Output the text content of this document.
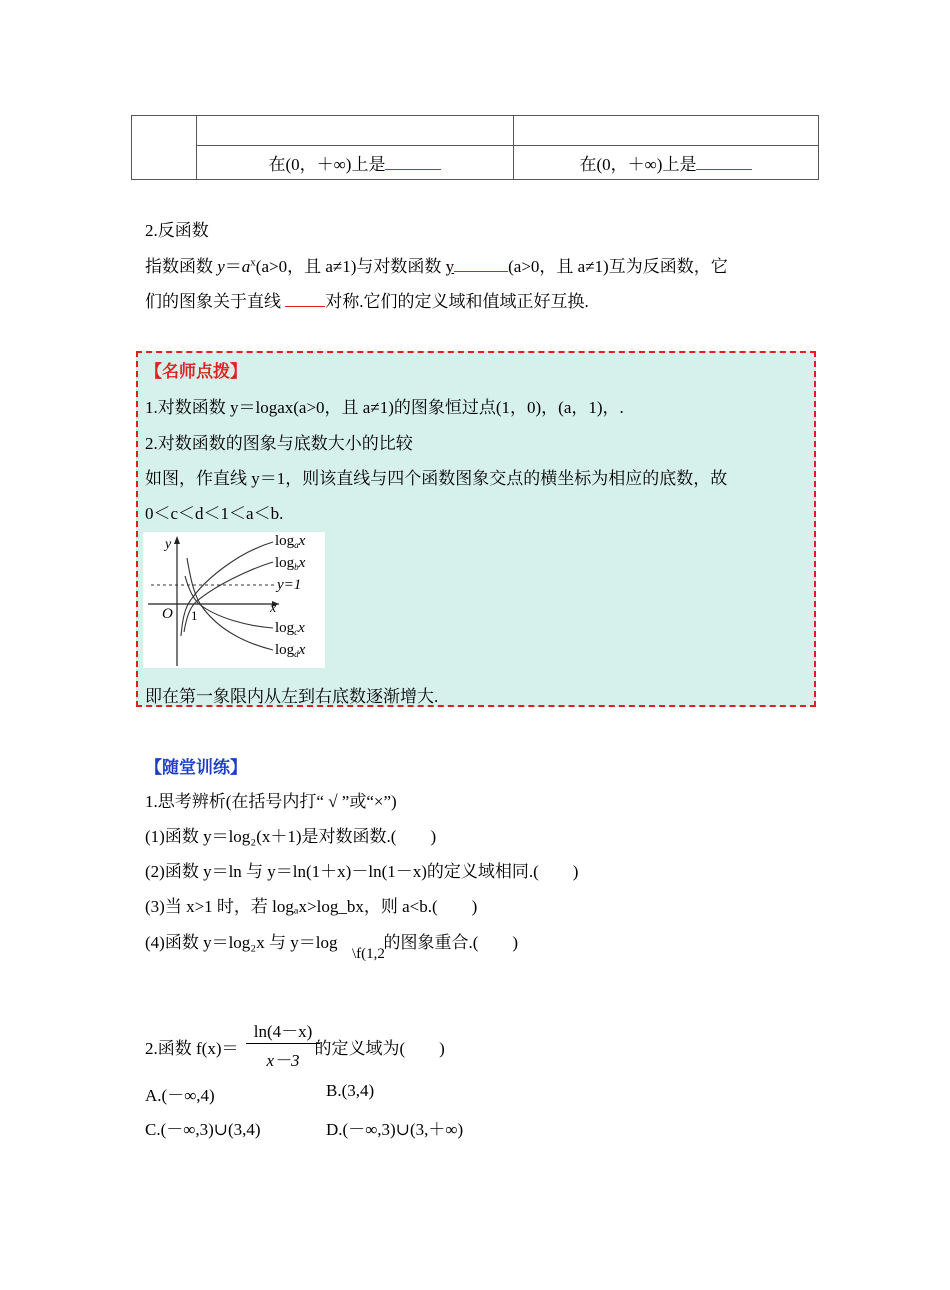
	在(0，＋∞)上是	在(0，＋∞)上是
2.反函数
指数函数 $y=a^x(a>0$，且 a≠1)与对数函数 y	(a>0，且 a≠1)互为反函数，它
们的图象关于直线 对称.它们的定义域和值域正好互换.
【名师点拨】
1.对数函数 y＝logax(a>0，且 a≠1)的图象恒过点(1，0)，(a，1)，.
2.对数函数的图象与底数大小的比较
如图，作直线 y＝1，则该直线与四个函数图象交点的横坐标为相应的底数，故
0＜c＜d＜1＜a＜b.
$\log_ax$
$\log_bx$
y=1
$\log_cx$
$\log_dx$
y
x
O 1
即在第一象限内从左到右底数逐渐增大.
【随堂训练】
1.思考辨析(在括号内打“ √ ”或“×”)
(1)函数 y＝log₂(x＋1)是对数函数.(　　)
(2)函数 y＝ln 与 y＝ln(1＋x)－ln(1－x)的定义域相同.(　　)
(3)当 x>1 时，若 logₐx>log_bx，则 a<b.(　　)
(4)函数 y＝log₂x 与 y＝log	的图象重合.(　　)
\f(1,2
2.函数 f(x)＝	的定义域为(　　)
$\frac{\ln(4-x)}{x-3}$
A.(－∞,4)	B.(3,4)
C.(－∞,3)∪(3,4)	D.(－∞,3)∪(3,＋∞)
